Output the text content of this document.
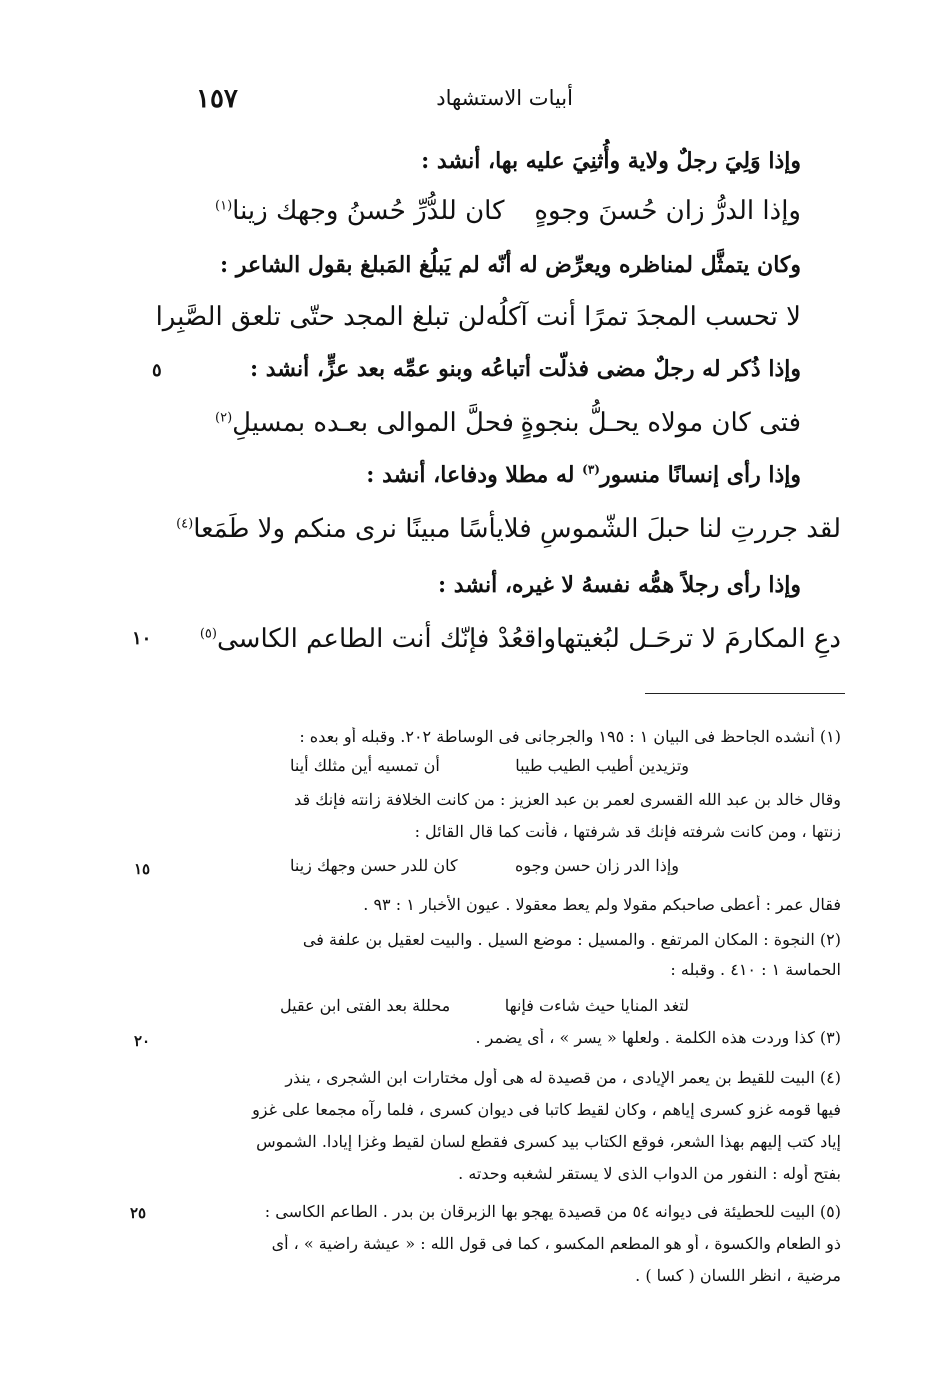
١٥٧	أبيات الاستشهاد
وإذا وَلِيَ رجلٌ ولاية وأُثنِيَ عليه بها، أنشد :
وإذا الدرُّ زان حُسنَ وجوهٍ
كان للدُّرِّ حُسنُ وجهك زينا$^{(١)}$
وكان يتمثَّل لمناظره ويعرِّض له أنّه لم يَبلُغ المَبلغ بقول الشاعر :
لا تحسب المجدَ تمرًا أنت آكلُه
لن تبلغ المجد حتّى تلعق الصَّبِرا
وإذا ذُكر له رجلٌ مضى فذلّت أتباعُه وبنو عمِّه بعد عزٍّ، أنشد :
٥
فتى كان مولاه يحـلُّ بنجوةٍ
فحلَّ الموالى بعـده بمسيلِ$^{(٢)}$
وإذا رأى إنسانًا منسور$^{(٣)}$ له مطلا ودفاعا، أنشد :
لقد جررتِ لنا حبلَ الشّموسِ فلا
يأسًا مبينًا نرى منكم ولا طَمَعا$^{(٤)}$
وإذا رأى رجلاً همُّه نفسهُ لا غيره، أنشد :
دعِ المكارمَ لا ترحَـل لبُغيتها
واقعُدْ فإنّك أنت الطاعم الكاسى$^{(٥)}$
١٠
(١) أنشده الجاحظ فى البيان ١ : ١٩٥ والجرجانى فى الوساطة ٢٠٢. وقبله أو بعده :
وتزيدين أطيب الطيب طيبا
أن تمسيه أين مثلك أينا
وقال خالد بن عبد الله القسرى لعمر بن عبد العزيز : من كانت الخلافة زانته فإنك قد
زنتها ، ومن كانت شرفته فإنك قد شرفتها ، فأنت كما قال القائل :
وإذا الدر زان حسن وجوه
كان للدر حسن وجهك زينا
١٥
فقال عمر : أعطى صاحبكم مقولا ولم يعط معقولا . عيون الأخبار ١ : ٩٣ .
(٢) النجوة : المكان المرتفع . والمسيل : موضع السيل . والبيت لعقيل بن علفة فى
الحماسة ١ : ٤١٠ . وقبله :
لتغد المنايا حيث شاءت فإنها
محللة بعد الفتى ابن عقيل
(٣) كذا وردت هذه الكلمة . ولعلها « يسر » ، أى يضمر .
٢٠
(٤) البيت للقيط بن يعمر الإيادى ، من قصيدة له هى أول مختارات ابن الشجرى ، ينذر
فيها قومه غزو كسرى إياهم ، وكان لقيط كاتبا فى ديوان كسرى ، فلما رآه مجمعا على غزو
إياد كتب إليهم بهذا الشعر، فوقع الكتاب بيد كسرى فقطع لسان لقيط وغزا إيادا. الشموس
بفتح أوله : النفور من الدواب الذى لا يستقر لشغبه وحدته .
(٥) البيت للحطيئة فى ديوانه ٥٤ من قصيدة يهجو بها الزبرقان بن بدر . الطاعم الكاسى :
٢٥
ذو الطعام والكسوة ، أو هو المطعم المكسو ، كما فى قول الله : « عيشة راضية » ، أى
مرضية ، انظر اللسان ( كسا ) .
